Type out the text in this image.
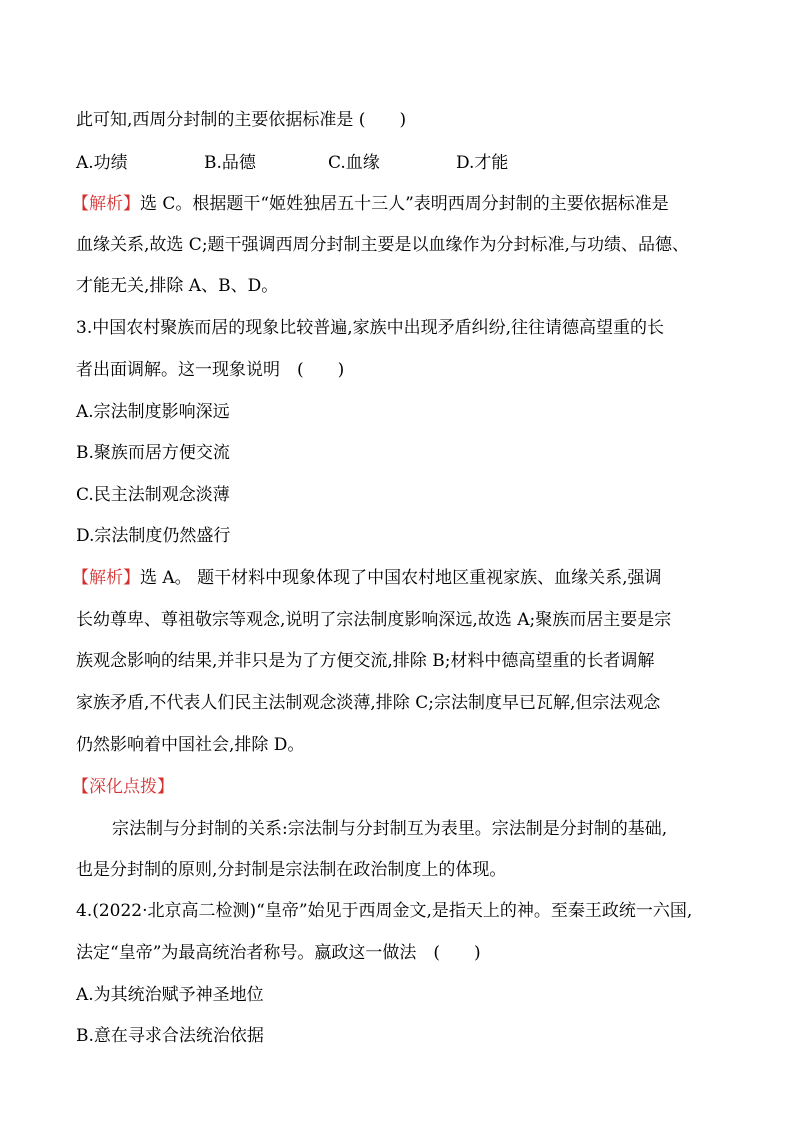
此可知,西周分封制的主要依据标准是 (　　)
A.功绩	B.品德	C.血缘	D.才能
【解析】选 C。根据题干“姬姓独居五十三人”表明西周分封制的主要依据标准是
血缘关系,故选 C;题干强调西周分封制主要是以血缘作为分封标准,与功绩、品德、
才能无关,排除 A、B、D。
3.中国农村聚族而居的现象比较普遍,家族中出现矛盾纠纷,往往请德高望重的长
者出面调解。这一现象说明　(　　)
A.宗法制度影响深远
B.聚族而居方便交流
C.民主法制观念淡薄
D.宗法制度仍然盛行
【解析】选 A。 题干材料中现象体现了中国农村地区重视家族、血缘关系,强调
长幼尊卑、尊祖敬宗等观念,说明了宗法制度影响深远,故选 A;聚族而居主要是宗
族观念影响的结果,并非只是为了方便交流,排除 B;材料中德高望重的长者调解
家族矛盾,不代表人们民主法制观念淡薄,排除 C;宗法制度早已瓦解,但宗法观念
仍然影响着中国社会,排除 D。
【深化点拨】
宗法制与分封制的关系:宗法制与分封制互为表里。宗法制是分封制的基础,
也是分封制的原则,分封制是宗法制在政治制度上的体现。
4.(2022·北京高二检测)“皇帝”始见于西周金文,是指天上的神。至秦王政统一六国,
法定“皇帝”为最高统治者称号。嬴政这一做法　(　　)
A.为其统治赋予神圣地位
B.意在寻求合法统治依据
